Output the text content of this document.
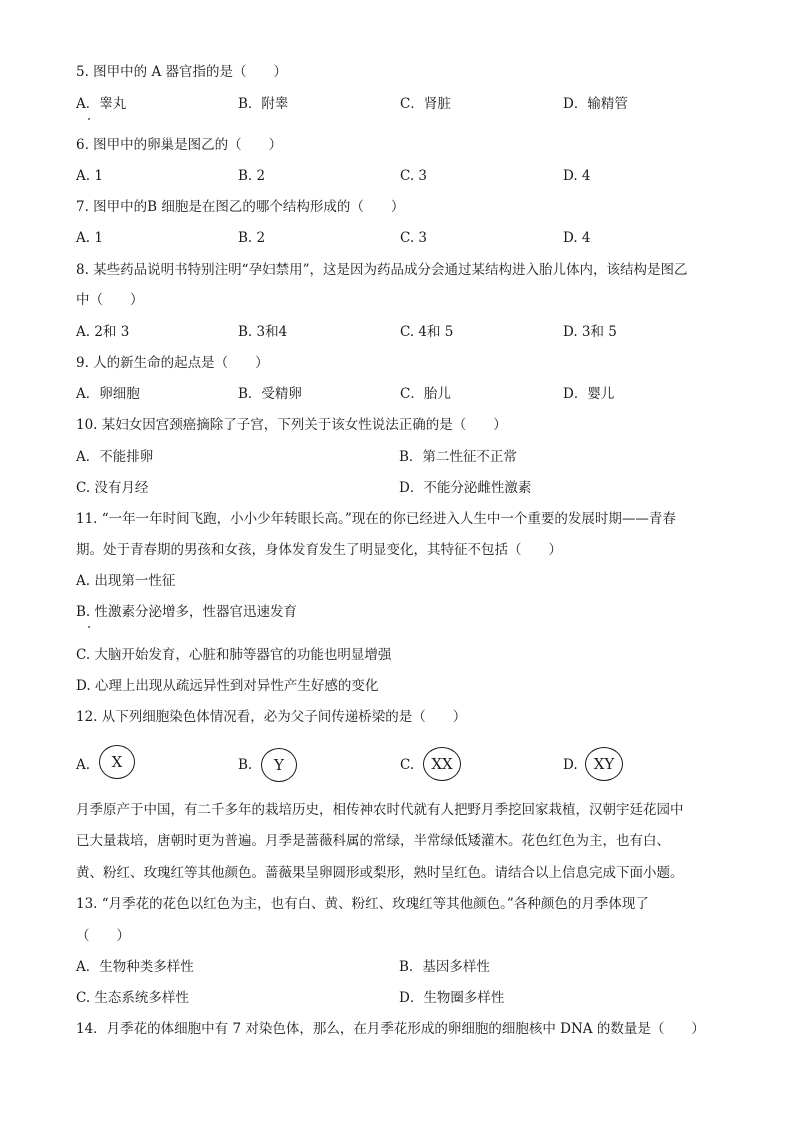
5. 图甲中的 A 器官指的是（　　）
A．睾丸	B．附睾	C．肾脏	D．输精管
6. 图甲中的卵巢是图乙的（　　）
A. 1	B. 2	C. 3	D. 4
7. 图甲中的B 细胞是在图乙的哪个结构形成的（　　）
A. 1	B. 2	C. 3	D. 4
8. 某些药品说明书特别注明“孕妇禁用”，这是因为药品成分会通过某结构进入胎儿体内，该结构是图乙
中（　　）
A. 2和 3	B. 3和4	C. 4和 5	D. 3和 5
9. 人的新生命的起点是（　　）
A．卵细胞	B．受精卵	C．胎儿	D．婴儿
10. 某妇女因宫颈癌摘除了子宫，下列关于该女性说法正确的是（　　）
A．不能排卵	B．第二性征不正常
C. 没有月经	D．不能分泌雌性激素
11. “一年一年时间飞跑，小小少年转眼长高。”现在的你已经进入人生中一个重要的发展时期——青春
期。处于青春期的男孩和女孩，身体发育发生了明显变化，其特征不包括（　　）
A. 出现第一性征
B. 性激素分泌增多，性器官迅速发育
C. 大脑开始发育，心脏和肺等器官的功能也明显增强
D. 心理上出现从疏远异性到对异性产生好感的变化
12. 从下列细胞染色体情况看，必为父子间传递桥梁的是（　　）
A. X	B. Y	C. XX	D. XY
月季原产于中国，有二千多年的栽培历史，相传神农时代就有人把野月季挖回家栽植，汉朝宇廷花园中
已大量栽培，唐朝时更为普遍。月季是蔷薇科属的常绿，半常绿低矮灌木。花色红色为主，也有白、
黄、粉红、玫瑰红等其他颜色。蔷薇果呈卵圆形或梨形，熟时呈红色。请结合以上信息完成下面小题。
13. “月季花的花色以红色为主，也有白、黄、粉红、玫瑰红等其他颜色。”各种颜色的月季体现了
（　　）
A．生物种类多样性	B．基因多样性
C. 生态系统多样性	D．生物圈多样性
14．月季花的体细胞中有 7 对染色体，那么，在月季花形成的卵细胞的细胞核中 DNA 的数量是（　　）
